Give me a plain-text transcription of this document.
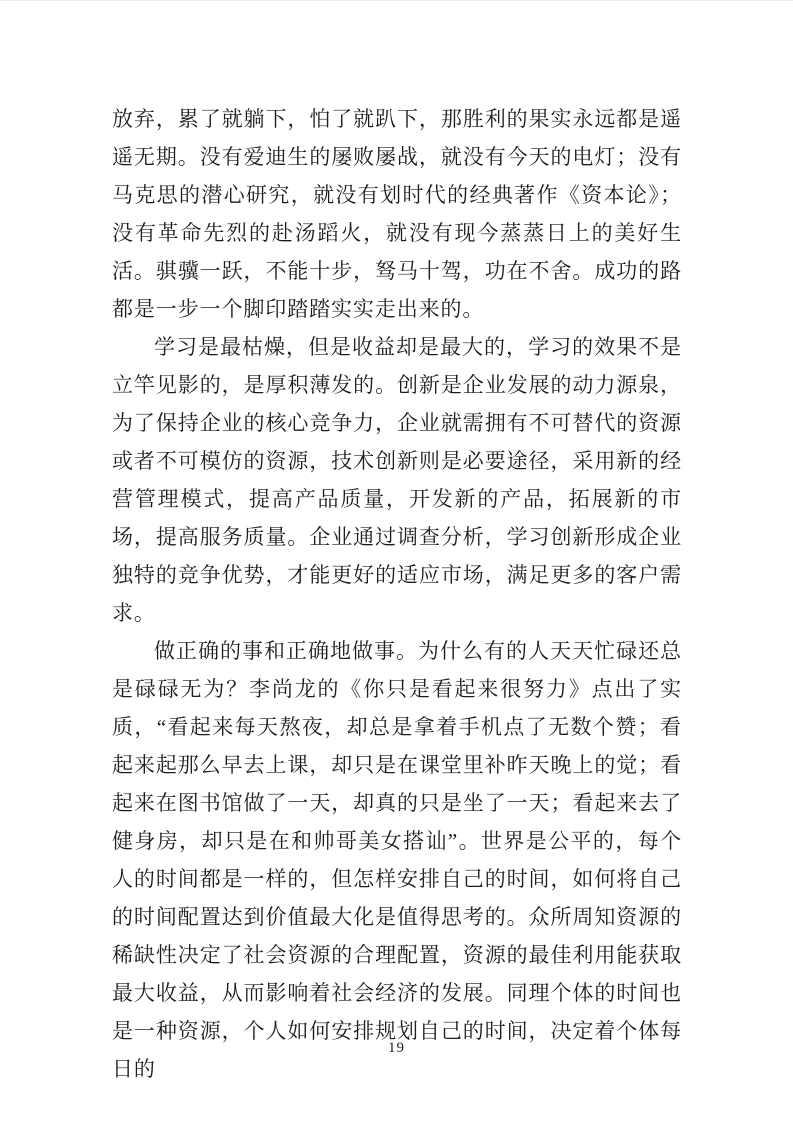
放弃，累了就躺下，怕了就趴下，那胜利的果实永远都是遥遥无期。没有爱迪生的屡败屡战，就没有今天的电灯；没有马克思的潜心研究，就没有划时代的经典著作《资本论》；没有革命先烈的赴汤蹈火，就没有现今蒸蒸日上的美好生活。骐骥一跃，不能十步，驽马十驾，功在不舍。成功的路都是一步一个脚印踏踏实实走出来的。

学习是最枯燥，但是收益却是最大的，学习的效果不是立竿见影的，是厚积薄发的。创新是企业发展的动力源泉，为了保持企业的核心竞争力，企业就需拥有不可替代的资源或者不可模仿的资源，技术创新则是必要途径，采用新的经营管理模式，提高产品质量，开发新的产品，拓展新的市场，提高服务质量。企业通过调查分析，学习创新形成企业独特的竞争优势，才能更好的适应市场，满足更多的客户需求。

做正确的事和正确地做事。为什么有的人天天忙碌还总是碌碌无为？李尚龙的《你只是看起来很努力》点出了实质，“看起来每天熬夜，却总是拿着手机点了无数个赞；看起来起那么早去上课，却只是在课堂里补昨天晚上的觉；看起来在图书馆做了一天，却真的只是坐了一天；看起来去了健身房，却只是在和帅哥美女搭讪”。世界是公平的，每个人的时间都是一样的，但怎样安排自己的时间，如何将自己的时间配置达到价值最大化是值得思考的。众所周知资源的稀缺性决定了社会资源的合理配置，资源的最佳利用能获取最大收益，从而影响着社会经济的发展。同理个体的时间也是一种资源，个人如何安排规划自己的时间，决定着个体每日的

19
